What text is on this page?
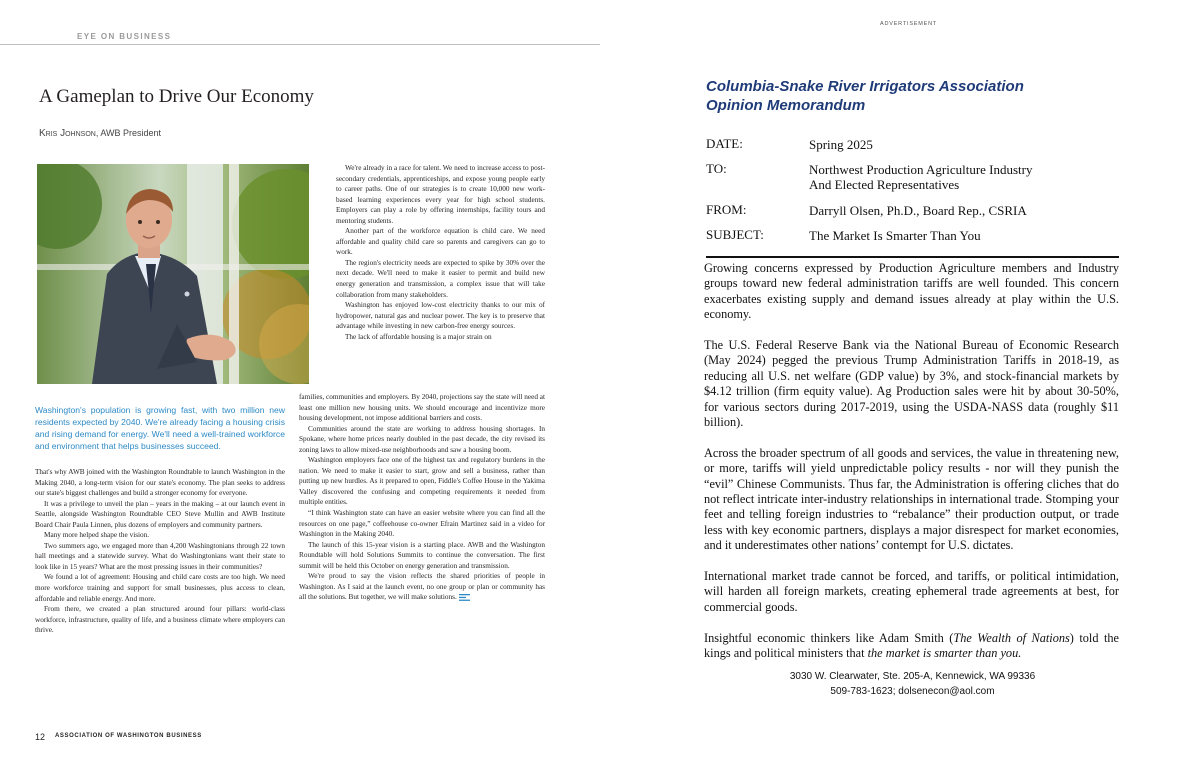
EYE ON BUSINESS
A Gameplan to Drive Our Economy
Kris Johnson, AWB President
Washington's population is growing fast, with two million new residents expected by 2040. We're already facing a housing crisis and rising demand for energy. We'll need a well-trained workforce and environment that helps businesses succeed.

That's why AWB joined with the Washington Roundtable to launch Washington in the Making 2040, a long-term vision for our state's economy. The plan seeks to address our state's biggest challenges and build a stronger economy for everyone.

It was a privilege to unveil the plan – years in the making – at our launch event in Seattle, alongside Washington Roundtable CEO Steve Mullin and AWB Institute Board Chair Paula Linnen, plus dozens of employers and community partners.

Many more helped shape the vision.

Two summers ago, we engaged more than 4,200 Washingtonians through 22 town hall meetings and a statewide survey. What do Washingtonians want their state to look like in 15 years? What are the most pressing issues in their communities?

We found a lot of agreement: Housing and child care costs are too high. We need more workforce training and support for small businesses, plus access to clean, affordable and reliable energy. And more.

From there, we created a plan structured around four pillars: world-class workforce, infrastructure, quality of life, and a business climate where employers can thrive.

We're already in a race for talent. We need to increase access to post-secondary credentials, apprenticeships, and expose young people early to career paths. One of our strategies is to create 10,000 new work-based learning experiences every year for high school students. Employers can play a role by offering internships, facility tours and mentoring students.

Another part of the workforce equation is child care. We need affordable and quality child care so parents and caregivers can go to work.

The region's electricity needs are expected to spike by 30% over the next decade. We'll need to make it easier to permit and build new energy generation and transmission, a complex issue that will take collaboration from many stakeholders.

Washington has enjoyed low-cost electricity thanks to our mix of hydropower, natural gas and nuclear power. The key is to preserve that advantage while investing in new carbon-free energy sources.

The lack of affordable housing is a major strain on

families, communities and employers. By 2040, projections say the state will need at least one million new housing units. We should encourage and incentivize more housing development, not impose additional barriers and costs.

Communities around the state are working to address housing shortages. In Spokane, where home prices nearly doubled in the past decade, the city revised its zoning laws to allow mixed-use neighborhoods and saw a housing boom.

Washington employers face one of the highest tax and regulatory burdens in the nation. We need to make it easier to start, grow and sell a business, rather than putting up new hurdles. As it prepared to open, Fiddle's Coffee House in the Yakima Valley discovered the confusing and competing requirements it needed from multiple entities.

“I think Washington state can have an easier website where you can find all the resources on one page,” coffeehouse co-owner Efrain Martinez said in a video for Washington in the Making 2040.

The launch of this 15-year vision is a starting place. AWB and the Washington Roundtable will hold Solutions Summits to continue the conversation. The first summit will be held this October on energy generation and transmission.

We're proud to say the vision reflects the shared priorities of people in Washington. As I said at the launch event, no one group or plan or community has all the solutions. But together, we will make solutions.

12 ASSOCIATION OF WASHINGTON BUSINESS
ADVERTISEMENT
Columbia-Snake River Irrigators Association
Opinion Memorandum
DATE:	Spring 2025
TO:	Northwest Production Agriculture Industry
And Elected Representatives
FROM:	Darryll Olsen, Ph.D., Board Rep., CSRIA
SUBJECT:	The Market Is Smarter Than You

Growing concerns expressed by Production Agriculture members and Industry groups toward new federal administration tariffs are well founded. This concern exacerbates existing supply and demand issues already at play within the U.S. economy.

The U.S. Federal Reserve Bank via the National Bureau of Economic Research (May 2024) pegged the previous Trump Administration Tariffs in 2018-19, as reducing all U.S. net welfare (GDP value) by 3%, and stock-financial markets by $4.12 trillion (firm equity value). Ag Production sales were hit by about 30-50%, for various sectors during 2017-2019, using the USDA-NASS data (roughly $11 billion).

Across the broader spectrum of all goods and services, the value in threatening new, or more, tariffs will yield unpredictable policy results - nor will they punish the “evil” Chinese Communists. Thus far, the Administration is offering cliches that do not reflect intricate inter-industry relationships in international trade. Stomping your feet and telling foreign industries to “rebalance” their production output, or trade less with key economic partners, displays a major disrespect for market economies, and it underestimates other nations’ contempt for U.S. dictates.

International market trade cannot be forced, and tariffs, or political intimidation, will harden all foreign markets, creating ephemeral trade agreements at best, for commercial goods.

Insightful economic thinkers like Adam Smith (The Wealth of Nations) told the kings and political ministers that the market is smarter than you.

3030 W. Clearwater, Ste. 205-A, Kennewick, WA 99336
509-783-1623; dolsenecon@aol.com
